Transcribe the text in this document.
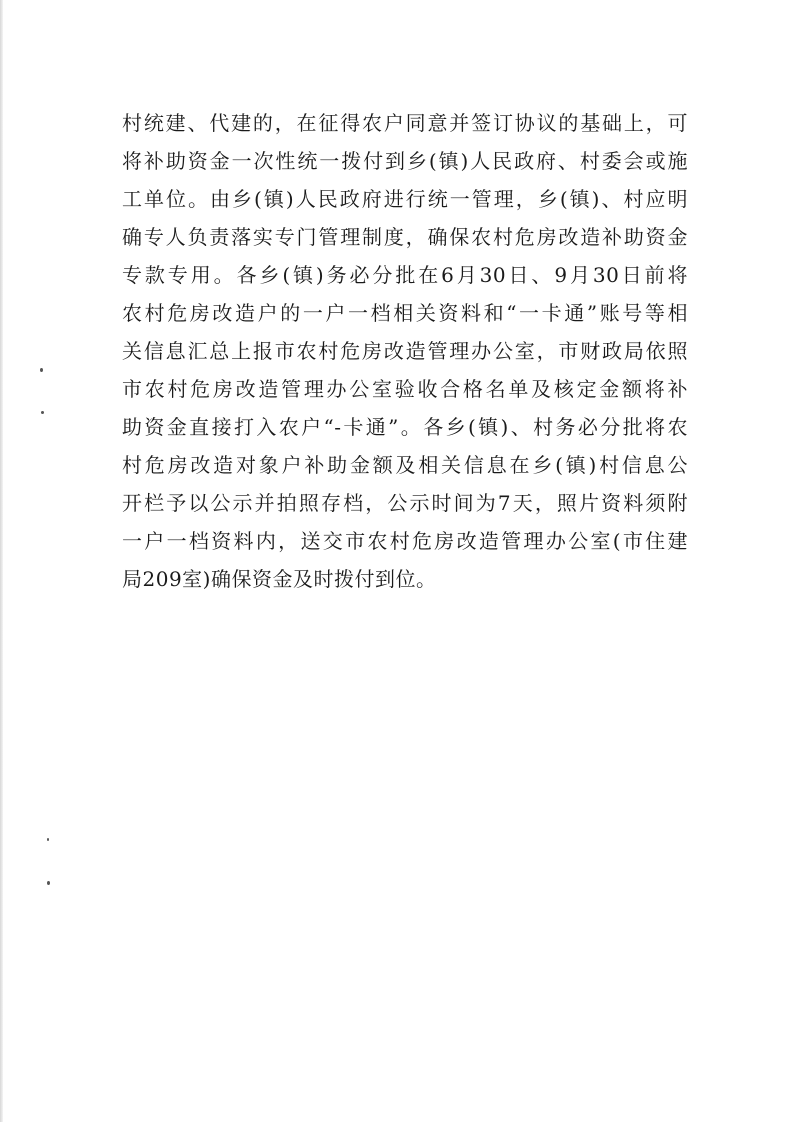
村统建、代建的，在征得农户同意并签订协议的基础上，可
将补助资金一次性统一拨付到乡(镇)人民政府、村委会或施
工单位。由乡(镇)人民政府进行统一管理，乡(镇)、村应明
确专人负责落实专门管理制度，确保农村危房改造补助资金
专款专用。各乡(镇)务必分批在6月30日、9月30日前将
农村危房改造户的一户一档相关资料和“一卡通”账号等相
关信息汇总上报市农村危房改造管理办公室，市财政局依照
市农村危房改造管理办公室验收合格名单及核定金额将补
助资金直接打入农户“-卡通”。各乡(镇)、村务必分批将农
村危房改造对象户补助金额及相关信息在乡(镇)村信息公
开栏予以公示并拍照存档，公示时间为7天，照片资料须附
一户一档资料内，送交市农村危房改造管理办公室(市住建
局209室)确保资金及时拨付到位。
